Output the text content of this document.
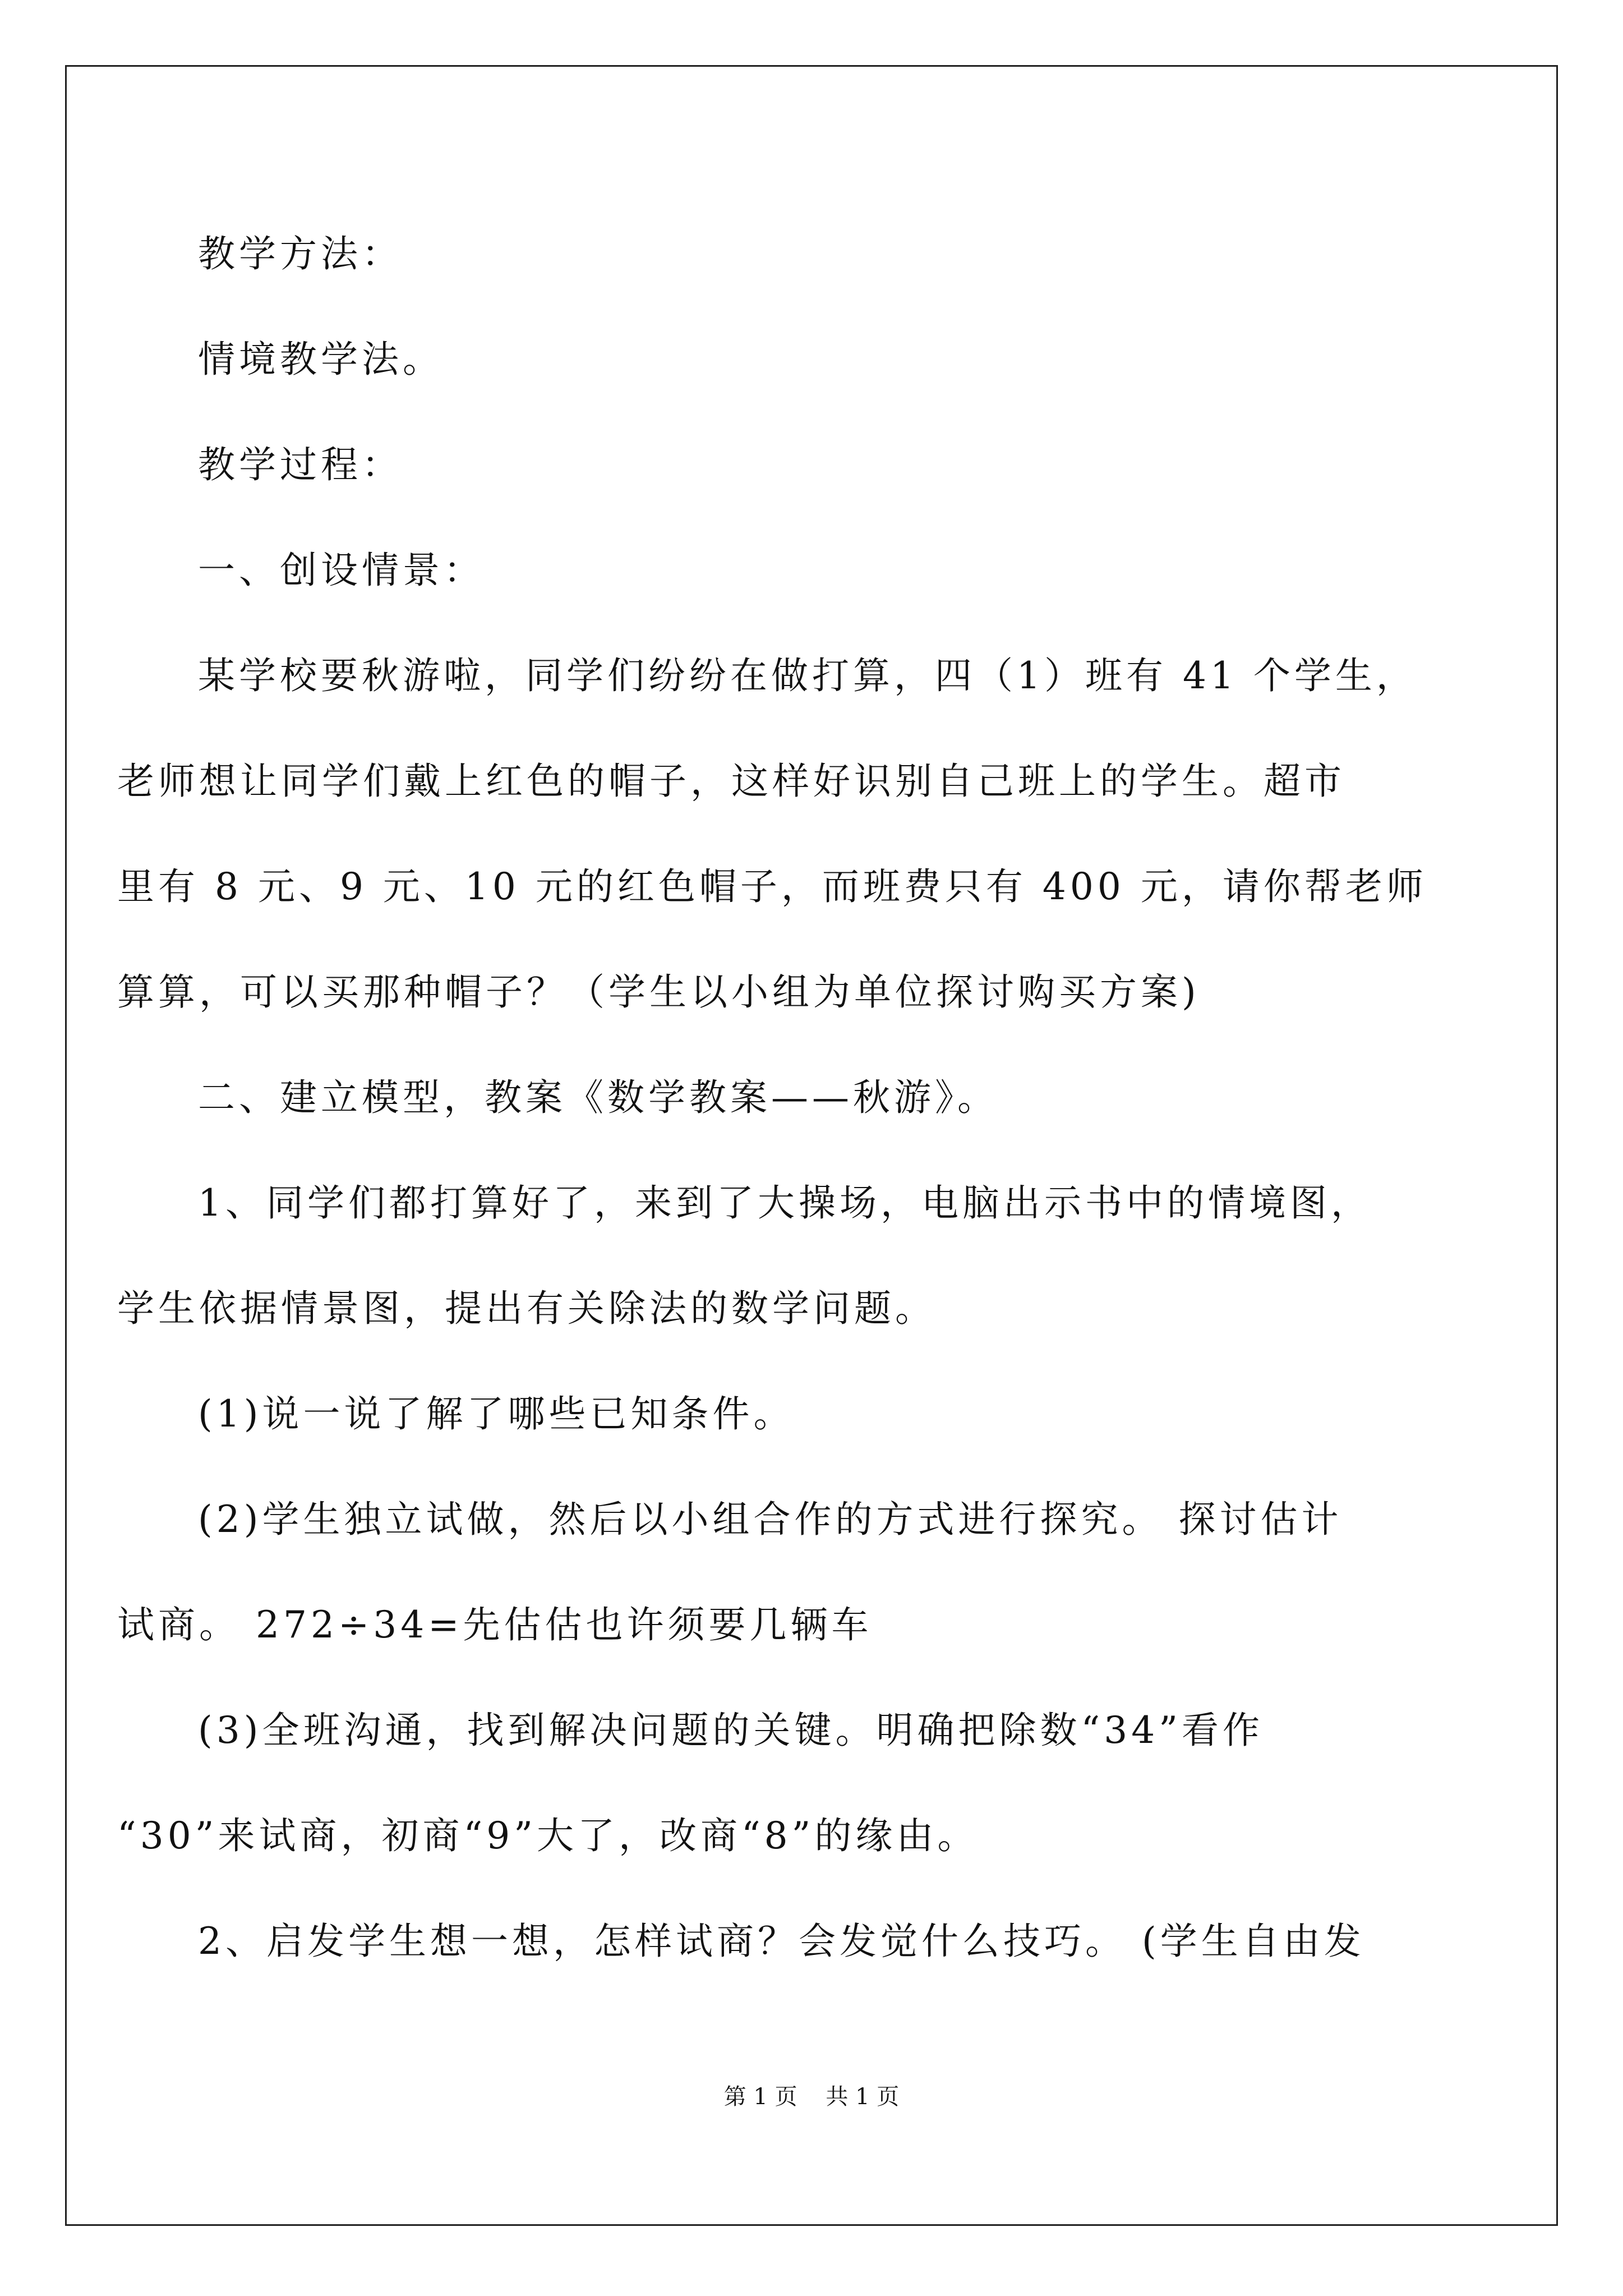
教学方法：
情境教学法。
教学过程：
一、创设情景：
某学校要秋游啦，同学们纷纷在做打算，四（1）班有 41 个学生，
老师想让同学们戴上红色的帽子，这样好识别自己班上的学生。超市
里有 8 元、9 元、10 元的红色帽子，而班费只有 400 元，请你帮老师
算算，可以买那种帽子？（学生以小组为单位探讨购买方案)
二、建立模型，教案《数学教案——秋游》。
1、同学们都打算好了，来到了大操场，电脑出示书中的情境图，
学生依据情景图，提出有关除法的数学问题。
(1)说一说了解了哪些已知条件。
(2)学生独立试做，然后以小组合作的方式进行探究。 探讨估计
试商。 272÷34=先估估也许须要几辆车
(3)全班沟通，找到解决问题的关键。明确把除数“34”看作
“30”来试商，初商“9”大了，改商“8”的缘由。
2、启发学生想一想，怎样试商？会发觉什么技巧。 (学生自由发
第 1 页    共 1 页
